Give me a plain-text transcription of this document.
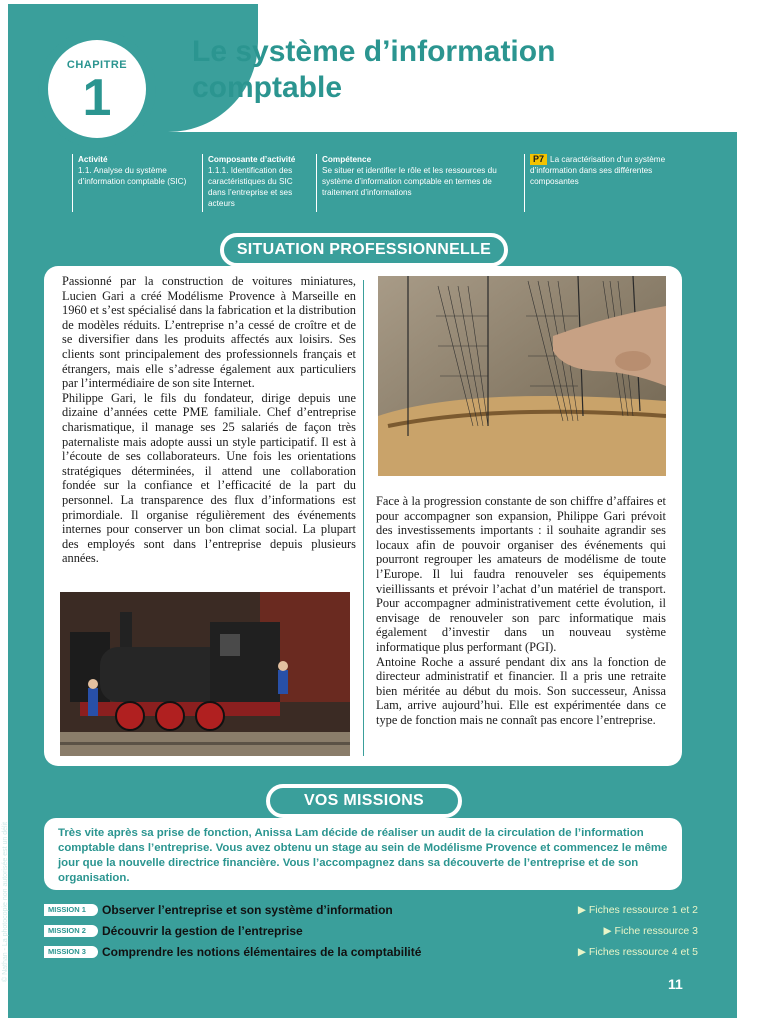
CHAPITRE
1
Le système d’information
comptable
Activité
1.1. Analyse du système d’information comptable (SIC)
Composante d’activité
1.1.1. Identification des caractéristiques du SIC dans l’entreprise et ses acteurs
Compétence
Se situer et identifier le rôle et les ressources du système d’information comptable en termes de traitement d’informations
P7 La caractérisation d’un système d’information dans ses différentes composantes
SITUATION PROFESSIONNELLE

Passionné par la construction de voitures miniatures, Lucien Gari a créé Modélisme Provence à Marseille en 1960 et s’est spécialisé dans la fabrication et la distribution de modèles réduits. L’entreprise n’a cessé de croître et de se diversifier dans les produits affectés aux loisirs. Ses clients sont principalement des professionnels français et étrangers, mais elle s’adresse également aux particuliers par l’intermédiaire de son site Internet.

Philippe Gari, le fils du fondateur, dirige depuis une dizaine d’années cette PME familiale. Chef d’entreprise charismatique, il manage ses 25 salariés de façon très paternaliste mais adopte aussi un style participatif. Il est à l’écoute de ses collaborateurs. Une fois les orientations stratégiques déterminées, il attend une collaboration fondée sur la confiance et l’efficacité de la part du personnel. La transparence des flux d’informations est primordiale. Il organise régulièrement des événements internes pour conserver un bon climat social. La plupart des employés sont dans l’entreprise depuis plusieurs années.

Face à la progression constante de son chiffre d’affaires et pour accompagner son expansion, Philippe Gari prévoit des investissements importants : il souhaite agrandir ses locaux afin de pouvoir organiser des événements qui pourront regrouper les amateurs de modélisme de toute l’Europe. Il lui faudra renouveler ses équipements vieillissants et prévoir l’achat d’un matériel de transport. Pour accompagner administrativement cette évolution, il envisage de renouveler son parc informatique mais également d’investir dans un nouveau système informatique plus performant (PGI).

Antoine Roche a assuré pendant dix ans la fonction de directeur administratif et financier. Il a pris une retraite bien méritée au début du mois. Son successeur, Anissa Lam, arrive aujourd’hui. Elle est expérimentée dans ce type de fonction mais ne connaît pas encore l’entreprise.

VOS MISSIONS
Très vite après sa prise de fonction, Anissa Lam décide de réaliser un audit de la circulation de l’information comptable dans l’entreprise. Vous avez obtenu un stage au sein de Modélisme Provence et commencez le même jour que la nouvelle directrice financière. Vous l’accompagnez dans sa découverte de l’entreprise et de son organisation.
MISSION 1	Observer l’entreprise et son système d’information	▶ Fiches ressource 1 et 2
MISSION 2	Découvrir la gestion de l’entreprise	▶ Fiche ressource 3
MISSION 3	Comprendre les notions élémentaires de la comptabilité	▶ Fiches ressource 4 et 5
11
© Nathan - La photocopie non autorisée est un délit
